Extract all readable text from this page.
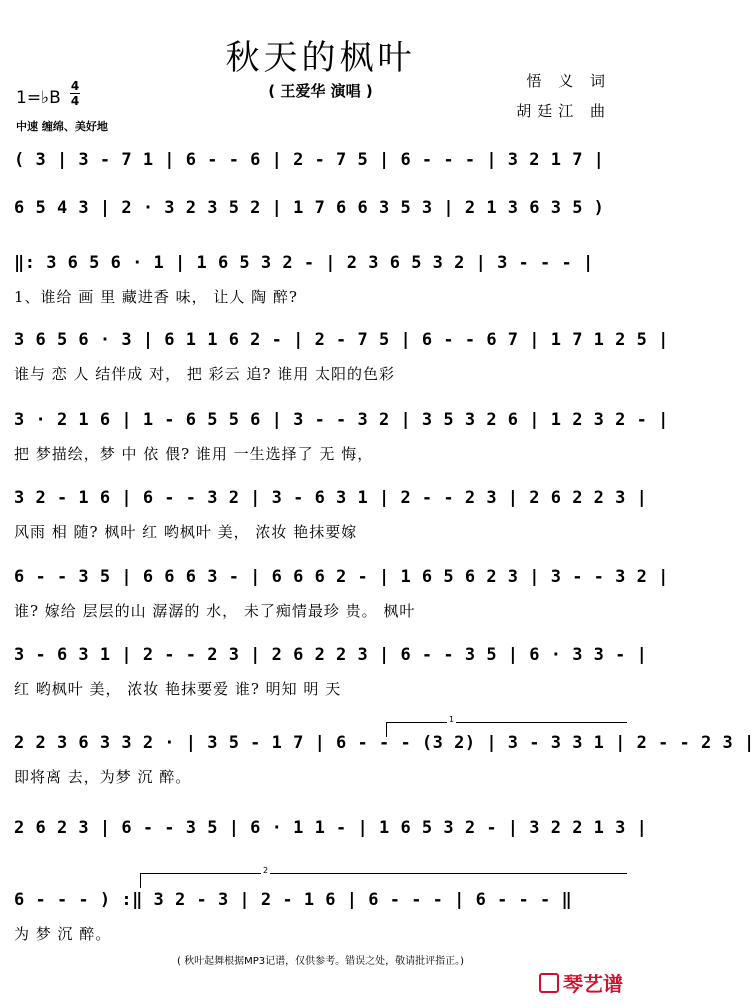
秋天的枫叶
( 王爱华 演唱 )
悟 义 词
胡廷江 曲
1=♭B
4
4
中速 缠绵、美好地
1
2
( 3 | 3 - 7 1 | 6 - - 6 | 2 - 7 5 | 6 - - - | 3 2 1 7 |
6 5 4 3 | 2 · 3 2 3 5 2 | 1 7 6 6 3 5 3 | 2 1 3 6 3 5 )
‖: 3 6 5 6 · 1 | 1 6 5 3 2 - | 2 3 6 5 3 2 | 3 - - - |
1、谁给 画 里 藏进香 味， 让人 陶 醉?
3 6 5 6 · 3 | 6 1 1 6 2 - | 2 - 7 5 | 6 - - 6 7 | 1 7 1 2 5 |
谁与 恋 人 结伴成 对， 把 彩云 追? 谁用 太阳的色彩
3 · 2 1 6 | 1 - 6 5 5 6 | 3 - - 3 2 | 3 5 3 2 6 | 1 2 3 2 - |
把 梦描绘，梦 中 依 偎? 谁用 一生选择了 无 悔，
3 2 - 1 6 | 6 - - 3 2 | 3 - 6 3 1 | 2 - - 2 3 | 2 6 2 2 3 |
风雨 相 随? 枫叶 红 哟枫叶 美， 浓妆 艳抹要嫁
6 - - 3 5 | 6 6 6 3 - | 6 6 6 2 - | 1 6 5 6 2 3 | 3 - - 3 2 |
谁? 嫁给 层层的山 潺潺的 水， 未了痴情最珍 贵。 枫叶
3 - 6 3 1 | 2 - - 2 3 | 2 6 2 2 3 | 6 - - 3 5 | 6 · 3 3 - |
红 哟枫叶 美， 浓妆 艳抹要爱 谁? 明知 明 天
2 2 3 6 3 3 2 · | 3 5 - 1 7 | 6 - - - (3 2) | 3 - 3 3 1 | 2 - - 2 3 |
即将离 去，为梦 沉 醉。
2 6 2 3 | 6 - - 3 5 | 6 · 1 1 - | 1 6 5 3 2 - | 3 2 2 1 3 |
6 - - - ) :‖ 3 2 - 3 | 2 - 1 6 | 6 - - - | 6 - - - ‖
为 梦 沉 醉。
( 秋叶起舞根据MP3记谱，仅供参考。错误之处，敬请批评指正。)
琴艺谱
